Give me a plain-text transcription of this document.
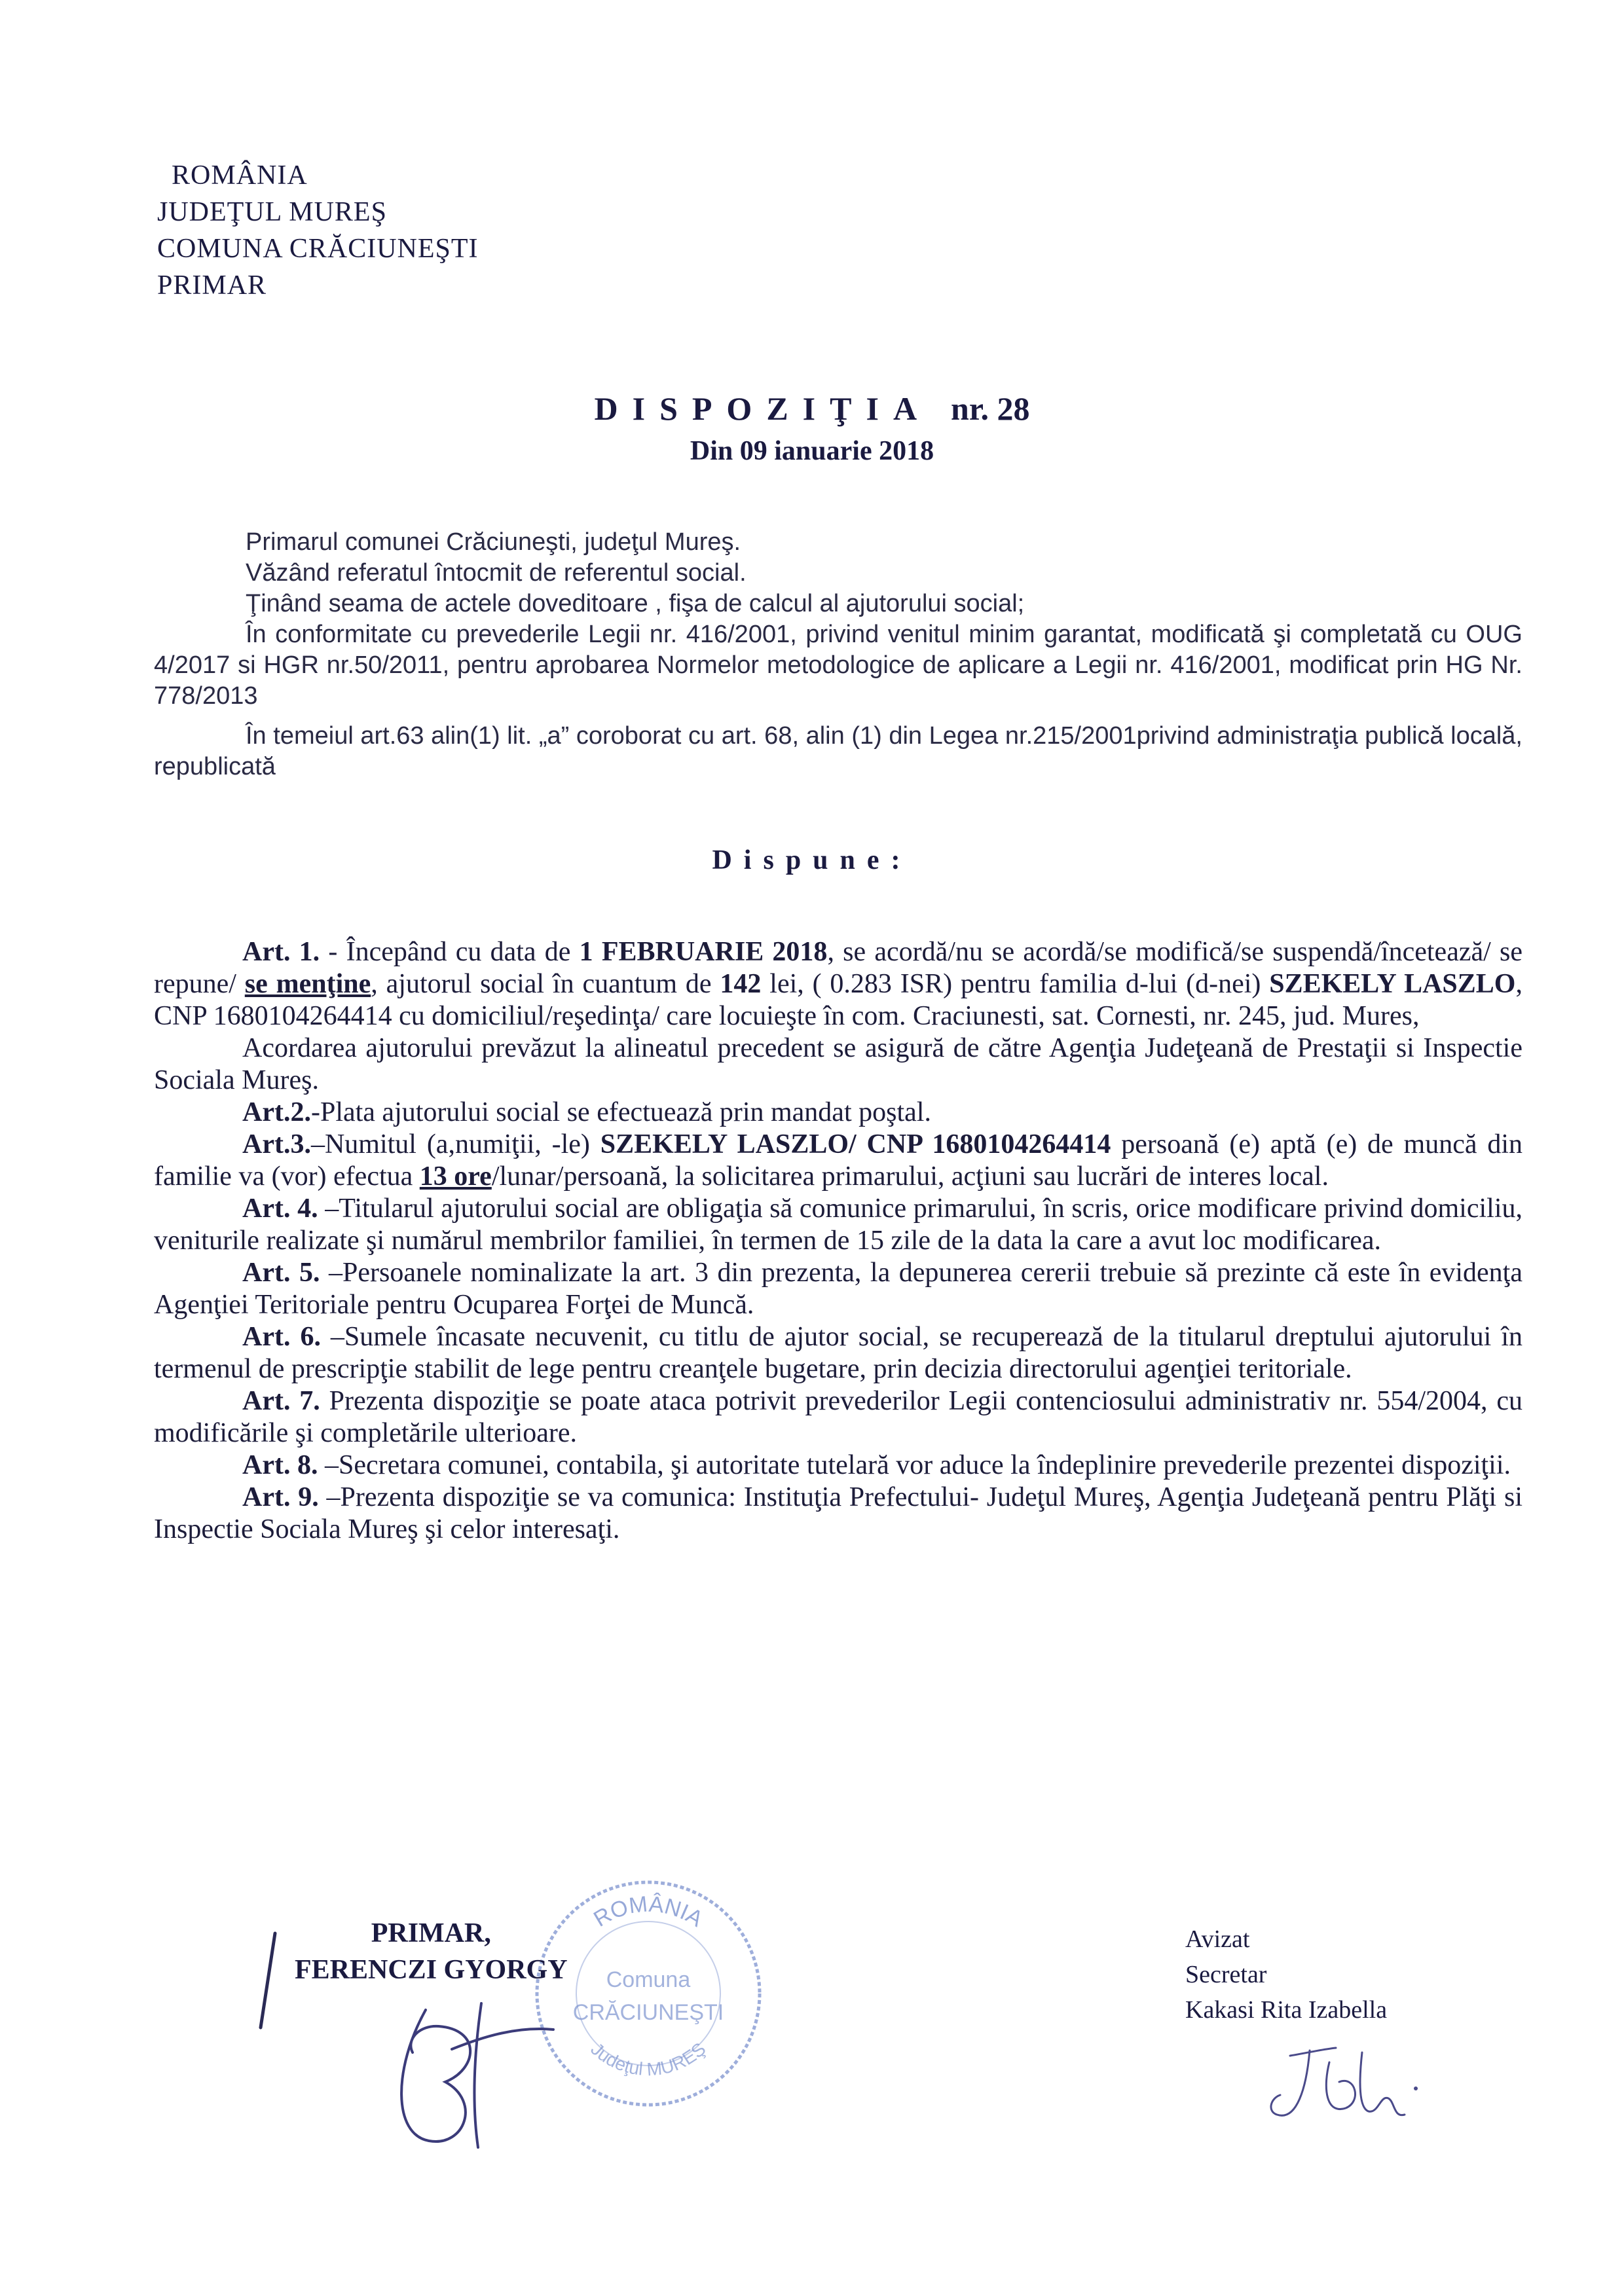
ROMÂNIA
JUDEŢUL MUREŞ
COMUNA CRĂCIUNEŞTI
PRIMAR
DISPOZIŢIA nr. 28
Din 09 ianuarie 2018

Primarul comunei Crăciuneşti, judeţul Mureş.

Văzând referatul întocmit de referentul social.

Ţinând seama de actele doveditoare , fişa de calcul al ajutorului social;

În conformitate cu prevederile Legii nr. 416/2001, privind venitul minim garantat, modificată şi completată cu OUG 4/2017 si HGR nr.50/2011, pentru aprobarea Normelor metodologice de aplicare a Legii nr. 416/2001, modificat prin HG Nr. 778/2013

În temeiul art.63 alin(1) lit. „a” coroborat cu art. 68, alin (1) din Legea nr.215/2001privind administraţia publică locală, republicată

Dispune:

Art. 1. - Începând cu data de 1 FEBRUARIE 2018, se acordă/nu se acordă/se modifică/se suspendă/încetează/ se repune/ se menţine, ajutorul social în cuantum de 142 lei, ( 0.283 ISR) pentru familia d-lui (d-nei) SZEKELY LASZLO, CNP 1680104264414 cu domiciliul/reşedinţa/ care locuieşte în com. Craciunesti, sat. Cornesti, nr. 245, jud. Mures,

Acordarea ajutorului prevăzut la alineatul precedent se asigură de către Agenţia Judeţeană de Prestaţii si Inspectie Sociala Mureş.

Art.2.-Plata ajutorului social se efectuează prin mandat poştal.

Art.3.–Numitul (a,numiţii, -le) SZEKELY LASZLO/ CNP 1680104264414 persoană (e) aptă (e) de muncă din familie va (vor) efectua 13 ore/lunar/persoană, la solicitarea primarului, acţiuni sau lucrări de interes local.

Art. 4. –Titularul ajutorului social are obligaţia să comunice primarului, în scris, orice modificare privind domiciliu, veniturile realizate şi numărul membrilor familiei, în termen de 15 zile de la data la care a avut loc modificarea.

Art. 5. –Persoanele nominalizate la art. 3 din prezenta, la depunerea cererii trebuie să prezinte că este în evidenţa Agenţiei Teritoriale pentru Ocuparea Forţei de Muncă.

Art. 6. –Sumele încasate necuvenit, cu titlu de ajutor social, se recuperează de la titularul dreptului ajutorului în termenul de prescripţie stabilit de lege pentru creanţele bugetare, prin decizia directorului agenţiei teritoriale.

Art. 7. Prezenta dispoziţie se poate ataca potrivit prevederilor Legii contenciosului administrativ nr. 554/2004, cu modificările şi completările ulterioare.

Art. 8. –Secretara comunei, contabila, şi autoritate tutelară vor aduce la îndeplinire prevederile prezentei dispoziţii.

Art. 9. –Prezenta dispoziţie se va comunica: Instituţia Prefectului- Judeţul Mureş, Agenţia Judeţeană pentru Plăţi si Inspectie Sociala Mureş şi celor interesaţi.

ROMÂNIA
Comuna
CRĂCIUNEŞTI
Judeţul MUREŞ
PRIMAR,
FERENCZI GYORGY
Avizat
Secretar
Kakasi Rita Izabella
